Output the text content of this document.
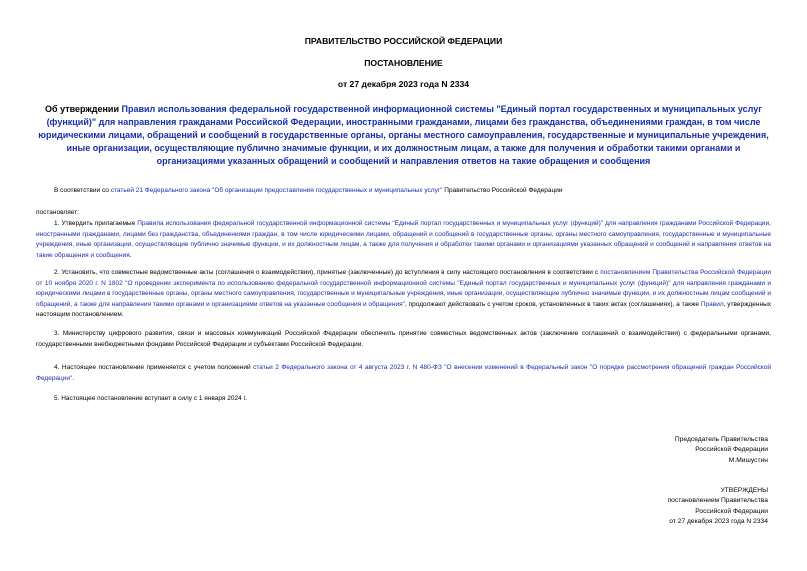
ПРАВИТЕЛЬСТВО РОССИЙСКОЙ ФЕДЕРАЦИИ
ПОСТАНОВЛЕНИЕ
от 27 декабря 2023 года N 2334
Об утверждении Правил использования федеральной государственной информационной системы "Единый портал государственных и муниципальных услуг (функций)" для направления гражданами Российской Федерации, иностранными гражданами, лицами без гражданства, объединениями граждан, в том числе юридическими лицами, обращений и сообщений в государственные органы, органы местного самоуправления, государственные и муниципальные учреждения, иные организации, осуществляющие публично значимые функции, и их должностным лицам, а также для получения и обработки такими органами и организациями указанных обращений и сообщений и направления ответов на такие обращения и сообщения
В соответствии со статьей 21 Федерального закона "Об организации предоставления государственных и муниципальных услуг" Правительство Российской Федерации
постановляет:
1. Утвердить прилагаемые Правила использования федеральной государственной информационной системы "Единый портал государственных и муниципальных услуг (функций)" для направления гражданами Российской Федерации, иностранными гражданами, лицами без гражданства, объединениями граждан, в том числе юридическими лицами, обращений и сообщений в государственные органы, органы местного самоуправления, государственные и муниципальные учреждения, иные организации, осуществляющие публично значимые функции, и их должностным лицам, а также для получения и обработки такими органами и организациями указанных обращений и сообщений и направления ответов на такие обращения и сообщения.
2. Установить, что совместные ведомственные акты (соглашения о взаимодействии), принятые (заключенные) до вступления в силу настоящего постановления в соответствии с постановлением Правительства Российской Федерации от 10 ноября 2020 г. N 1802 "О проведении эксперимента по использованию федеральной государственной информационной системы "Единый портал государственных и муниципальных услуг (функций)" для направления гражданами и юридическими лицами в государственные органы, органы местного самоуправления, государственные и муниципальные учреждения, иные организации, осуществляющие публично значимые функции, и их должностным лицам сообщений и обращений, а также для направления такими органами и организациями ответов на указанные сообщения и обращения", продолжают действовать с учетом сроков, установленных в таких актах (соглашениях), а также Правил, утвержденных настоящим постановлением.
3. Министерству цифрового развития, связи и массовых коммуникаций Российской Федерации обеспечить принятие совместных ведомственных актов (заключение соглашений о взаимодействии) с федеральными органами, государственными внебюджетными фондами Российской Федерации и субъектами Российской Федерации.
4. Настоящее постановление применяется с учетом положений статьи 2 Федерального закона от 4 августа 2023 г. N 480-ФЗ "О внесении изменений в Федеральный закон "О порядке рассмотрения обращений граждан Российской Федерации".
5. Настоящее постановление вступает в силу с 1 января 2024 г.
Председатель Правительства
Российской Федерации
М.Мишустин
УТВЕРЖДЕНЫ
постановлением Правительства
Российской Федерации
от 27 декабря 2023 года N 2334
